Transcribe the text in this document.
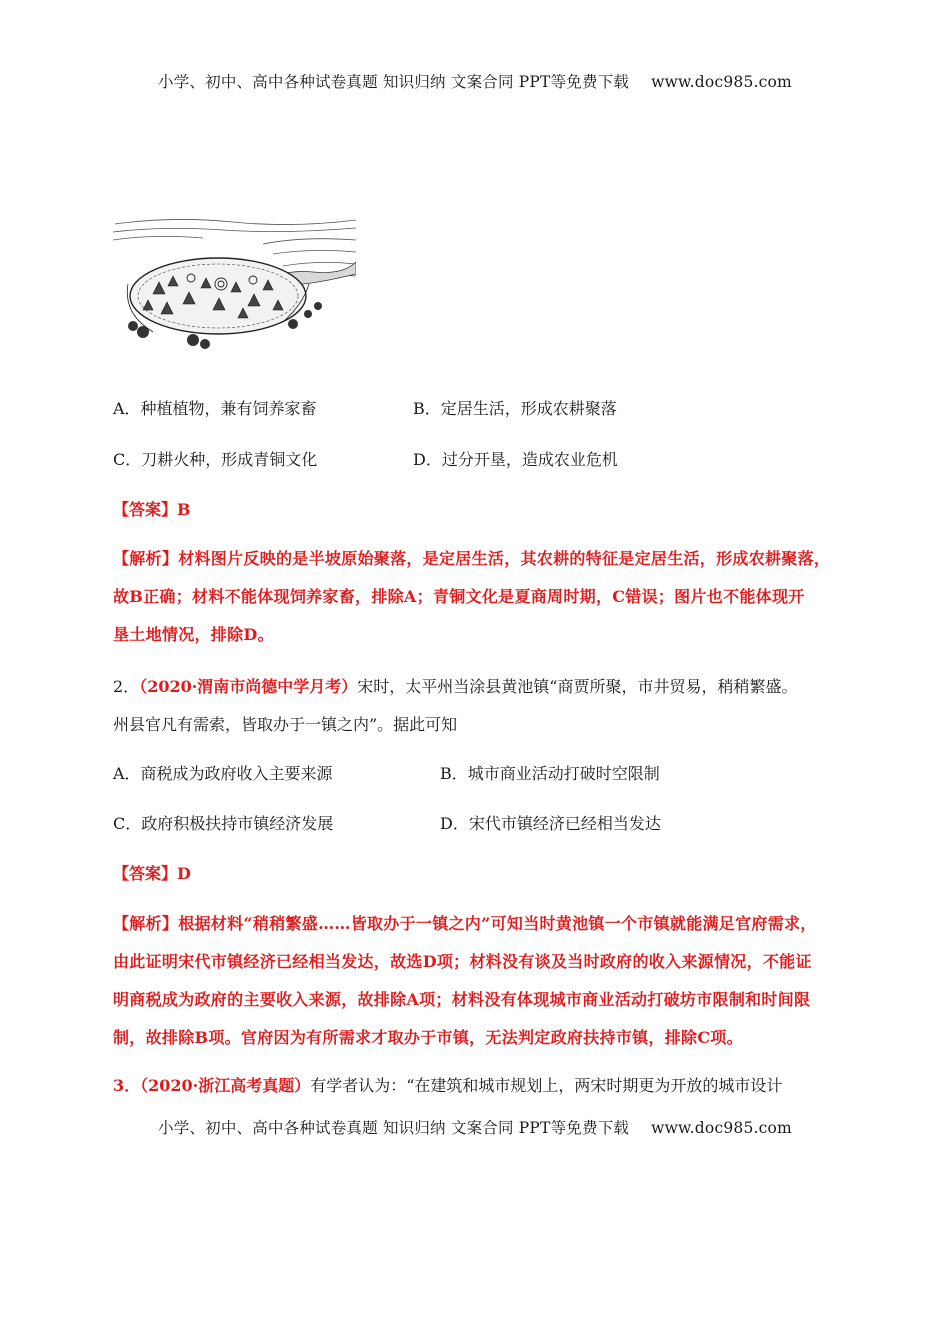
小学、初中、高中各种试卷真题 知识归纳 文案合同 PPT等免费下载 www.doc985.com
A．种植植物，兼有饲养家畜	B．定居生活，形成农耕聚落
C．刀耕火种，形成青铜文化	D．过分开垦，造成农业危机
【答案】B
【解析】材料图片反映的是半坡原始聚落，是定居生活，其农耕的特征是定居生活，形成农耕聚落，
故B正确；材料不能体现饲养家畜，排除A；青铜文化是夏商周时期，C错误；图片也不能体现开
垦土地情况，排除D。
2．（2020·渭南市尚德中学月考）宋时，太平州当涂县黄池镇“商贾所聚，市井贸易，稍稍繁盛。
州县官凡有需索，皆取办于一镇之内”。据此可知
A．商税成为政府收入主要来源	B．城市商业活动打破时空限制
C．政府积极扶持市镇经济发展	D．宋代市镇经济已经相当发达
【答案】D
【解析】根据材料“稍稍繁盛……皆取办于一镇之内”可知当时黄池镇一个市镇就能满足官府需求，
由此证明宋代市镇经济已经相当发达，故选D项；材料没有谈及当时政府的收入来源情况，不能证
明商税成为政府的主要收入来源，故排除A项；材料没有体现城市商业活动打破坊市限制和时间限
制，故排除B项。官府因为有所需求才取办于市镇，无法判定政府扶持市镇，排除C项。
3．（2020·浙江高考真题）有学者认为：“在建筑和城市规划上，两宋时期更为开放的城市设计
小学、初中、高中各种试卷真题 知识归纳 文案合同 PPT等免费下载 www.doc985.com
